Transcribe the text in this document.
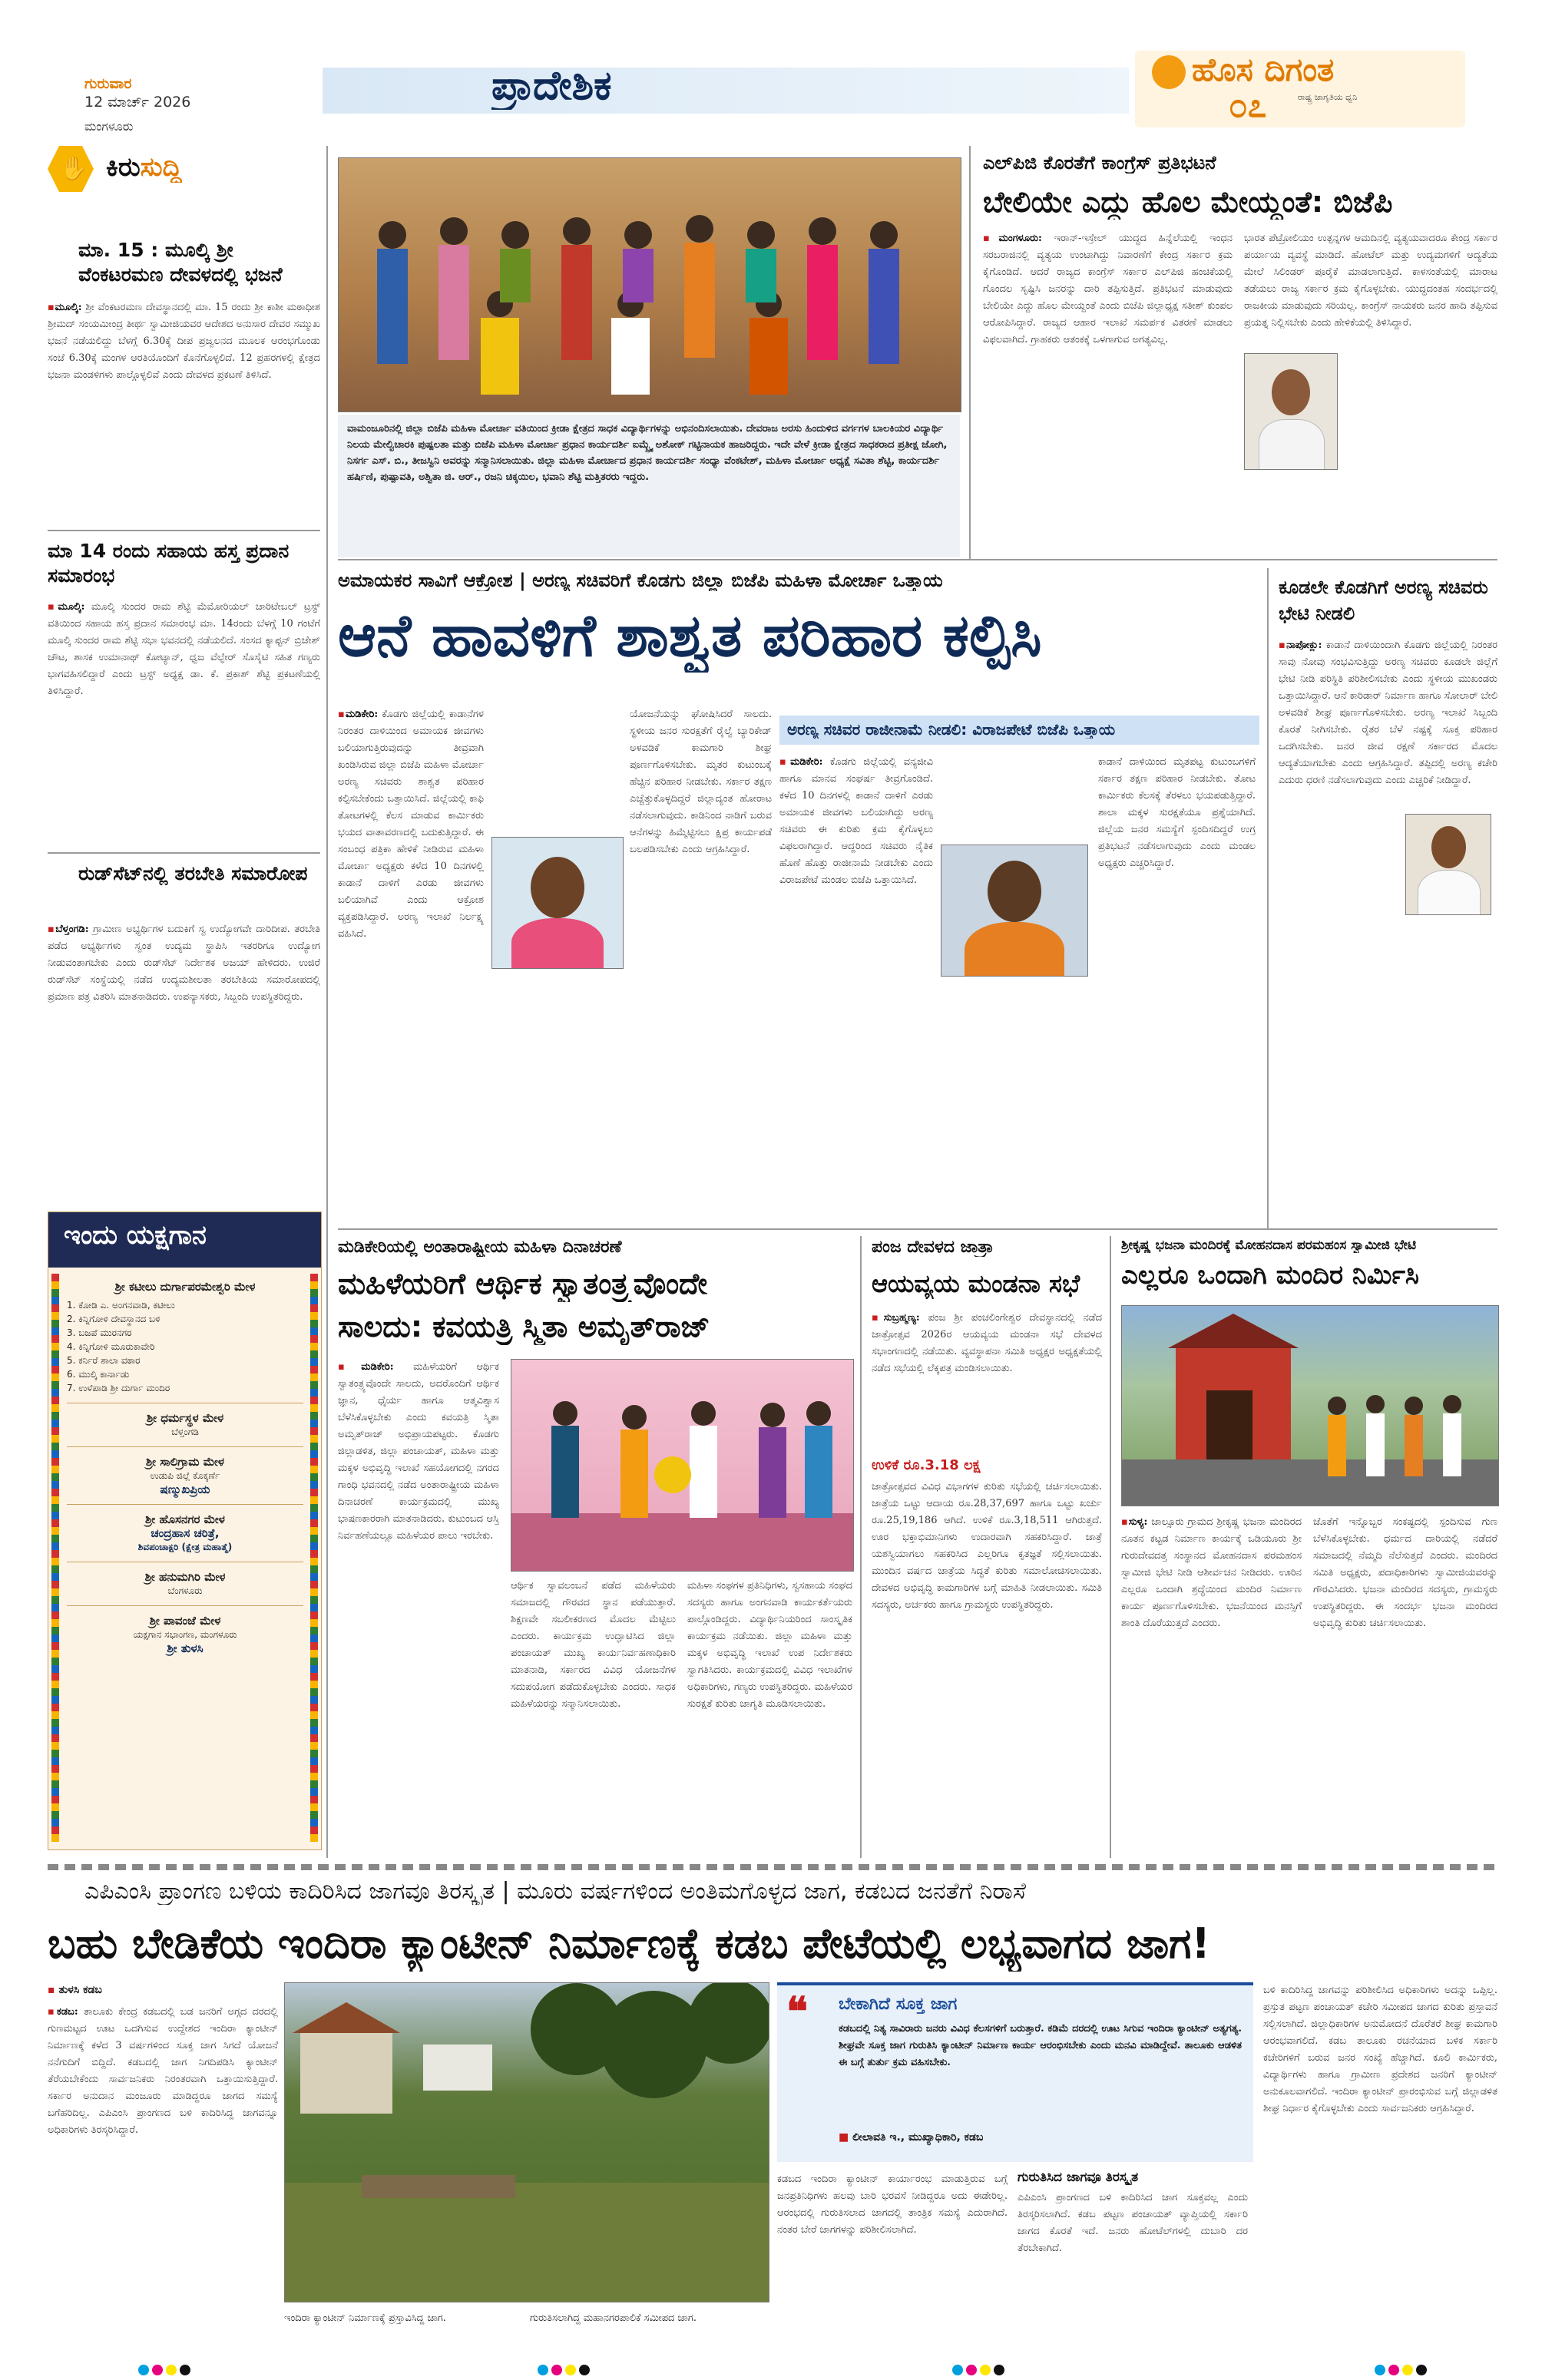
ಗುರುವಾರ
12 ಮಾರ್ಚ್ 2026
ಮಂಗಳೂರು
ಪ್ರಾದೇಶಿಕ	ಹೊಸ ದಿಗಂತ
ರಾಷ್ಟ್ರ ಜಾಗೃತಿಯ ಧ್ವನಿ
೦೭
✋ ಕಿರುಸುದ್ದಿ
ಮಾ. 15 : ಮೂಲ್ಕಿ ಶ್ರೀ ವೆಂಕಟರಮಣ ದೇವಳದಲ್ಲಿ ಭಜನೆ
▪ಮೂಲ್ಕಿ: ಶ್ರೀ ವೆಂಕಟರಮಣ ದೇವಸ್ಥಾನದಲ್ಲಿ ಮಾ. 15 ರಂದು ಶ್ರೀ ಕಾಶೀ ಮಠಾಧೀಶ ಶ್ರೀಮದ್ ಸಂಯಮೀಂದ್ರ ತೀರ್ಥ ಸ್ವಾಮೀಜಿಯವರ ಆದೇಶದ ಅನುಸಾರ ದೇವರ ಸಮ್ಮುಖ ಭಜನೆ ನಡೆಯಲಿದ್ದು ಬೆಳಗ್ಗೆ 6.30ಕ್ಕೆ ದೀಪ ಪ್ರಜ್ವಲನದ ಮೂಲಕ ಆರಂಭಗೊಂಡು ಸಂಜೆ 6.30ಕ್ಕೆ ಮಂಗಳ ಆರತಿಯೊಂದಿಗೆ ಕೊನೆಗೊಳ್ಳಲಿದೆ. 12 ಪ್ರಹರಗಳಲ್ಲಿ ಕ್ಷೇತ್ರದ ಭಜನಾ ಮಂಡಳಿಗಳು ಪಾಲ್ಗೊಳ್ಳಲಿವೆ ಎಂದು ದೇವಳದ ಪ್ರಕಟಣೆ ತಿಳಿಸಿದೆ.
ಮಾ 14 ರಂದು ಸಹಾಯ ಹಸ್ತ ಪ್ರದಾನ ಸಮಾರಂಭ
▪ಮೂಲ್ಕಿ: ಮೂಲ್ಕಿ ಸುಂದರ ರಾಮ ಶೆಟ್ಟಿ ಮೆಮೋರಿಯಲ್ ಚಾರಿಟೇಬಲ್ ಟ್ರಸ್ಟ್ ವತಿಯಿಂದ ಸಹಾಯ ಹಸ್ತ ಪ್ರದಾನ ಸಮಾರಂಭ ಮಾ. 14ರಂದು ಬೆಳಗ್ಗೆ 10 ಗಂಟೆಗೆ ಮೂಲ್ಕಿ ಸುಂದರ ರಾಮ ಶೆಟ್ಟಿ ಸಭಾ ಭವನದಲ್ಲಿ ನಡೆಯಲಿದೆ. ಸಂಸದ ಕ್ಯಾಪ್ಟನ್ ಬ್ರಿಜೇಶ್ ಚೌಟ, ಶಾಸಕ ಉಮಾನಾಥ್ ಕೋಟ್ಯಾನ್, ಧ್ವಜ ವೆಲ್ಫೇರ್ ಸೊಸೈಟಿ ಸಹಿತ ಗಣ್ಯರು ಭಾಗವಹಿಸಲಿದ್ದಾರೆ ಎಂದು ಟ್ರಸ್ಟ್ ಅಧ್ಯಕ್ಷ ಡಾ. ಕೆ. ಪ್ರಕಾಶ್ ಶೆಟ್ಟಿ ಪ್ರಕಟಣೆಯಲ್ಲಿ ತಿಳಿಸಿದ್ದಾರೆ.
ರುಡ್‌ಸೆಟ್‌ನಲ್ಲಿ ತರಬೇತಿ ಸಮಾರೋಪ
▪ಬೆಳ್ತಂಗಡಿ: ಗ್ರಾಮೀಣ ಅಭ್ಯರ್ಥಿಗಳ ಬದುಕಿಗೆ ಸ್ವ ಉದ್ಯೋಗವೇ ದಾರಿದೀಪ. ತರಬೇತಿ ಪಡೆದ ಅಭ್ಯರ್ಥಿಗಳು ಸ್ವಂತ ಉದ್ಯಮ ಸ್ಥಾಪಿಸಿ ಇತರರಿಗೂ ಉದ್ಯೋಗ ನೀಡುವಂತಾಗಬೇಕು ಎಂದು ರುಡ್‌ಸೆಟ್ ನಿರ್ದೇಶಕ ಅಜಯ್ ಹೇಳಿದರು. ಉಜಿರೆ ರುಡ್‌ಸೆಟ್ ಸಂಸ್ಥೆಯಲ್ಲಿ ನಡೆದ ಉದ್ಯಮಶೀಲತಾ ತರಬೇತಿಯ ಸಮಾರೋಪದಲ್ಲಿ ಪ್ರಮಾಣ ಪತ್ರ ವಿತರಿಸಿ ಮಾತನಾಡಿದರು. ಉಪನ್ಯಾಸಕರು, ಸಿಬ್ಬಂದಿ ಉಪಸ್ಥಿತರಿದ್ದರು.
ಇಂದು ಯಕ್ಷಗಾನ
ಶ್ರೀ ಕಟೀಲು ದುರ್ಗಾಪರಮೇಶ್ವರಿ ಮೇಳ
1. ಕೋಡಿ ಎ. ಅಂಗನವಾಡಿ, ಕಟೀಲು
2. ಕಿನ್ನಿಗೋಳಿ ದೇವಸ್ಥಾನದ ಬಳಿ
3. ಬಜಪೆ ಮುರನಗರ
4. ಕಿನ್ನಿಗೋಳಿ ಮೂರುಕಾವೇರಿ
5. ಕರ್ನಿರೆ ಶಾಲಾ ವಠಾರ
6. ಮುಲ್ಕಿ ಕಾರ್ನಾಡು
7. ಉಳೆಪಾಡಿ ಶ್ರೀ ದುರ್ಗಾ ಮಂದಿರ
ಶ್ರೀ ಧರ್ಮಸ್ಥಳ ಮೇಳ
ಬೆಳ್ತಂಗಡಿ
ಶ್ರೀ ಸಾಲಿಗ್ರಾಮ ಮೇಳ
ಉಡುಪಿ ಜಿಲ್ಲೆ ಕೊಕ್ಕರ್ಣೆ
ಷಣ್ಮುಖಪ್ರಿಯ
ಶ್ರೀ ಹೊಸನಗರ ಮೇಳ
ಚಂದ್ರಹಾಸ ಚರಿತ್ರೆ,
ಶಿವಪಂಚಾಕ್ಷರಿ (ಕ್ಷೇತ್ರ ಮಹಾತ್ಮೆ)
ಶ್ರೀ ಹನುಮಗಿರಿ ಮೇಳ
ಬೆಂಗಳೂರು
ಶ್ರೀ ಪಾವಂಜೆ ಮೇಳ
ಯಕ್ಷಗಾನ ಸಭಾಂಗಣ, ಮಂಗಳೂರು
ಶ್ರೀ ತುಳಸಿ
ವಾಮಂಜೂರಿನಲ್ಲಿ ಜಿಲ್ಲಾ ಬಿಜೆಪಿ ಮಹಿಳಾ ಮೋರ್ಚಾ ವತಿಯಿಂದ ಕ್ರೀಡಾ ಕ್ಷೇತ್ರದ ಸಾಧಕ ವಿದ್ಯಾರ್ಥಿಗಳನ್ನು ಅಭಿನಂದಿಸಲಾಯಿತು. ದೇವರಾಜ ಅರಸು ಹಿಂದುಳಿದ ವರ್ಗಗಳ ಬಾಲಕಿಯರ ವಿದ್ಯಾರ್ಥಿ ನಿಲಯ ಮೇಲ್ವಿಚಾರಕಿ ಪುಷ್ಪಲತಾ ಮತ್ತು ಬಿಜೆಪಿ ಮಹಿಳಾ ಮೋರ್ಚಾ ಪ್ರಧಾನ ಕಾರ್ಯದರ್ಶಿ ಐಮ್ಬ್ರ್ಯೆ ಅಶೋಕ್ ಗಟ್ಟಿನಾಯಕ ಹಾಜರಿದ್ದರು. ಇದೇ ವೇಳೆ ಕ್ರೀಡಾ ಕ್ಷೇತ್ರದ ಸಾಧಕರಾದ ಪ್ರತೀಕ್ಷ ಜೋಗಿ, ನಿಸರ್ಗ ಎಸ್. ಬಿ., ತೀಜಸ್ವಿನಿ ಅವರನ್ನು ಸನ್ಮಾನಿಸಲಾಯಿತು. ಜಿಲ್ಲಾ ಮಹಿಳಾ ಮೋರ್ಚಾದ ಪ್ರಧಾನ ಕಾರ್ಯದರ್ಶಿ ಸಂಧ್ಯಾ ವೆಂಕಟೇಶ್, ಮಹಿಳಾ ಮೋರ್ಚಾ ಅಧ್ಯಕ್ಷೆ ಸವಿತಾ ಶೆಟ್ಟಿ, ಕಾರ್ಯದರ್ಶಿ ಹರ್ಷಿಣಿ, ಪುಷ್ಪಾವತಿ, ಅಶ್ವಿತಾ ಜಿ. ಆರ್., ರಜನಿ ಚಿಕ್ಕಯಿಲ, ಭವಾನಿ ಶೆಟ್ಟಿ ಮತ್ತಿತರರು ಇದ್ದರು.
ಎಲ್‌ಪಿಜಿ ಕೊರತೆಗೆ ಕಾಂಗ್ರೆಸ್ ಪ್ರತಿಭಟನೆ
ಬೇಲಿಯೇ ಎದ್ದು ಹೊಲ ಮೇಯ್ದಂತೆ: ಬಿಜೆಪಿ
▪ಮಂಗಳೂರು: ಇರಾನ್-ಇಸ್ರೇಲ್ ಯುದ್ಧದ ಹಿನ್ನೆಲೆಯಲ್ಲಿ ಇಂಧನ ಸರಬರಾಜಿನಲ್ಲಿ ವ್ಯತ್ಯಯ ಉಂಟಾಗಿದ್ದು ನಿವಾರಣೆಗೆ ಕೇಂದ್ರ ಸರ್ಕಾರ ಕ್ರಮ ಕೈಗೊಂಡಿದೆ. ಆದರೆ ರಾಜ್ಯದ ಕಾಂಗ್ರೆಸ್ ಸರ್ಕಾರ ಎಲ್‌ಪಿಜಿ ಹಂಚಿಕೆಯಲ್ಲಿ ಗೊಂದಲ ಸೃಷ್ಟಿಸಿ ಜನರನ್ನು ದಾರಿ ತಪ್ಪಿಸುತ್ತಿದೆ. ಪ್ರತಿಭಟನೆ ಮಾಡುವುದು ಬೇಲಿಯೇ ಎದ್ದು ಹೊಲ ಮೇಯ್ದಂತೆ ಎಂದು ಬಿಜೆಪಿ ಜಿಲ್ಲಾಧ್ಯಕ್ಷ ಸತೀಶ್ ಕುಂಪಲ ಆರೋಪಿಸಿದ್ದಾರೆ. ರಾಜ್ಯದ ಆಹಾರ ಇಲಾಖೆ ಸಮರ್ಪಕ ವಿತರಣೆ ಮಾಡಲು ವಿಫಲವಾಗಿದೆ. ಗ್ರಾಹಕರು ಆತಂಕಕ್ಕೆ ಒಳಗಾಗುವ ಅಗತ್ಯವಿಲ್ಲ.
ಭಾರತ ಪೆಟ್ರೋಲಿಯಂ ಉತ್ಪನ್ನಗಳ ಆಮದಿನಲ್ಲಿ ವ್ಯತ್ಯಯವಾದರೂ ಕೇಂದ್ರ ಸರ್ಕಾರ ಪರ್ಯಾಯ ವ್ಯವಸ್ಥೆ ಮಾಡಿದೆ. ಹೋಟೆಲ್ ಮತ್ತು ಉದ್ಯಮಗಳಿಗೆ ಆದ್ಯತೆಯ ಮೇಲೆ ಸಿಲಿಂಡರ್ ಪೂರೈಕೆ ಮಾಡಲಾಗುತ್ತಿದೆ. ಕಾಳಸಂತೆಯಲ್ಲಿ ಮಾರಾಟ ತಡೆಯಲು ರಾಜ್ಯ ಸರ್ಕಾರ ಕ್ರಮ ಕೈಗೊಳ್ಳಬೇಕು. ಯುದ್ಧದಂತಹ ಸಂದರ್ಭದಲ್ಲಿ ರಾಜಕೀಯ ಮಾಡುವುದು ಸರಿಯಲ್ಲ. ಕಾಂಗ್ರೆಸ್ ನಾಯಕರು ಜನರ ಹಾದಿ ತಪ್ಪಿಸುವ ಪ್ರಯತ್ನ ನಿಲ್ಲಿಸಬೇಕು ಎಂದು ಹೇಳಿಕೆಯಲ್ಲಿ ತಿಳಿಸಿದ್ದಾರೆ.
ಅಮಾಯಕರ ಸಾವಿಗೆ ಆಕ್ರೋಶ | ಅರಣ್ಯ ಸಚಿವರಿಗೆ ಕೊಡಗು ಜಿಲ್ಲಾ ಬಿಜೆಪಿ ಮಹಿಳಾ ಮೋರ್ಚಾ ಒತ್ತಾಯ
ಆನೆ ಹಾವಳಿಗೆ ಶಾಶ್ವತ ಪರಿಹಾರ ಕಲ್ಪಿಸಿ
▪ಮಡಿಕೇರಿ: ಕೊಡಗು ಜಿಲ್ಲೆಯಲ್ಲಿ ಕಾಡಾನೆಗಳ ನಿರಂತರ ದಾಳಿಯಿಂದ ಅಮಾಯಕ ಜೀವಗಳು ಬಲಿಯಾಗುತ್ತಿರುವುದನ್ನು ತೀವ್ರವಾಗಿ ಖಂಡಿಸಿರುವ ಜಿಲ್ಲಾ ಬಿಜೆಪಿ ಮಹಿಳಾ ಮೋರ್ಚಾ ಅರಣ್ಯ ಸಚಿವರು ಶಾಶ್ವತ ಪರಿಹಾರ ಕಲ್ಪಿಸಬೇಕೆಂದು ಒತ್ತಾಯಿಸಿದೆ. ಜಿಲ್ಲೆಯಲ್ಲಿ ಕಾಫಿ ತೋಟಗಳಲ್ಲಿ ಕೆಲಸ ಮಾಡುವ ಕಾರ್ಮಿಕರು ಭಯದ ವಾತಾವರಣದಲ್ಲಿ ಬದುಕುತ್ತಿದ್ದಾರೆ. ಈ ಸಂಬಂಧ ಪತ್ರಿಕಾ ಹೇಳಿಕೆ ನೀಡಿರುವ ಮಹಿಳಾ ಮೋರ್ಚಾ ಅಧ್ಯಕ್ಷರು ಕಳೆದ 10 ದಿನಗಳಲ್ಲಿ ಕಾಡಾನೆ ದಾಳಿಗೆ ಎರಡು ಜೀವಗಳು ಬಲಿಯಾಗಿವೆ ಎಂದು ಆಕ್ರೋಶ ವ್ಯಕ್ತಪಡಿಸಿದ್ದಾರೆ. ಅರಣ್ಯ ಇಲಾಖೆ ನಿರ್ಲಕ್ಷ್ಯ ವಹಿಸಿದೆ.
ಯೋಜನೆಯನ್ನು ಘೋಷಿಸಿದರೆ ಸಾಲದು. ಸ್ಥಳೀಯ ಜನರ ಸುರಕ್ಷತೆಗೆ ರೈಲ್ವೆ ಬ್ಯಾರಿಕೇಡ್ ಅಳವಡಿಕೆ ಕಾಮಗಾರಿ ಶೀಘ್ರ ಪೂರ್ಣಗೊಳಿಸಬೇಕು. ಮೃತರ ಕುಟುಂಬಕ್ಕೆ ಹೆಚ್ಚಿನ ಪರಿಹಾರ ನೀಡಬೇಕು. ಸರ್ಕಾರ ತಕ್ಷಣ ಎಚ್ಚೆತ್ತುಕೊಳ್ಳದಿದ್ದರೆ ಜಿಲ್ಲಾದ್ಯಂತ ಹೋರಾಟ ನಡೆಸಲಾಗುವುದು. ಕಾಡಿನಿಂದ ನಾಡಿಗೆ ಬರುವ ಆನೆಗಳನ್ನು ಹಿಮ್ಮೆಟ್ಟಿಸಲು ಕ್ಷಿಪ್ರ ಕಾರ್ಯಪಡೆ ಬಲಪಡಿಸಬೇಕು ಎಂದು ಆಗ್ರಹಿಸಿದ್ದಾರೆ.
ಅರಣ್ಯ ಸಚಿವರ ರಾಜೀನಾಮೆ ನೀಡಲಿ: ವಿರಾಜಪೇಟೆ ಬಿಜೆಪಿ ಒತ್ತಾಯ
▪ಮಡಿಕೇರಿ: ಕೊಡಗು ಜಿಲ್ಲೆಯಲ್ಲಿ ವನ್ಯಜೀವಿ ಹಾಗೂ ಮಾನವ ಸಂಘರ್ಷ ತೀವ್ರಗೊಂಡಿದೆ. ಕಳೆದ 10 ದಿನಗಳಲ್ಲಿ ಕಾಡಾನೆ ದಾಳಿಗೆ ಎರಡು ಅಮಾಯಕ ಜೀವಗಳು ಬಲಿಯಾಗಿದ್ದು ಅರಣ್ಯ ಸಚಿವರು ಈ ಕುರಿತು ಕ್ರಮ ಕೈಗೊಳ್ಳಲು ವಿಫಲರಾಗಿದ್ದಾರೆ. ಆದ್ದರಿಂದ ಸಚಿವರು ನೈತಿಕ ಹೊಣೆ ಹೊತ್ತು ರಾಜೀನಾಮೆ ನೀಡಬೇಕು ಎಂದು ವಿರಾಜಪೇಟೆ ಮಂಡಲ ಬಿಜೆಪಿ ಒತ್ತಾಯಿಸಿದೆ.
ಕಾಡಾನೆ ದಾಳಿಯಿಂದ ಮೃತಪಟ್ಟ ಕುಟುಂಬಗಳಿಗೆ ಸರ್ಕಾರ ತಕ್ಷಣ ಪರಿಹಾರ ನೀಡಬೇಕು. ತೋಟ ಕಾರ್ಮಿಕರು ಕೆಲಸಕ್ಕೆ ತೆರಳಲು ಭಯಪಡುತ್ತಿದ್ದಾರೆ. ಶಾಲಾ ಮಕ್ಕಳ ಸುರಕ್ಷತೆಯೂ ಪ್ರಶ್ನೆಯಾಗಿದೆ. ಜಿಲ್ಲೆಯ ಜನರ ಸಮಸ್ಯೆಗೆ ಸ್ಪಂದಿಸದಿದ್ದರೆ ಉಗ್ರ ಪ್ರತಿಭಟನೆ ನಡೆಸಲಾಗುವುದು ಎಂದು ಮಂಡಲ ಅಧ್ಯಕ್ಷರು ಎಚ್ಚರಿಸಿದ್ದಾರೆ.
ಕೂಡಲೇ ಕೊಡಗಿಗೆ ಅರಣ್ಯ ಸಚಿವರು ಭೇಟಿ ನೀಡಲಿ
▪ನಾಪೋಕ್ಲು: ಕಾಡಾನೆ ದಾಳಿಯಿಂದಾಗಿ ಕೊಡಗು ಜಿಲ್ಲೆಯಲ್ಲಿ ನಿರಂತರ ಸಾವು ನೋವು ಸಂಭವಿಸುತ್ತಿದ್ದು ಅರಣ್ಯ ಸಚಿವರು ಕೂಡಲೇ ಜಿಲ್ಲೆಗೆ ಭೇಟಿ ನೀಡಿ ಪರಿಸ್ಥಿತಿ ಪರಿಶೀಲಿಸಬೇಕು ಎಂದು ಸ್ಥಳೀಯ ಮುಖಂಡರು ಒತ್ತಾಯಿಸಿದ್ದಾರೆ. ಆನೆ ಕಾರಿಡಾರ್ ನಿರ್ಮಾಣ ಹಾಗೂ ಸೋಲಾರ್ ಬೇಲಿ ಅಳವಡಿಕೆ ಶೀಘ್ರ ಪೂರ್ಣಗೊಳಿಸಬೇಕು. ಅರಣ್ಯ ಇಲಾಖೆ ಸಿಬ್ಬಂದಿ ಕೊರತೆ ನೀಗಿಸಬೇಕು. ರೈತರ ಬೆಳೆ ನಷ್ಟಕ್ಕೆ ಸೂಕ್ತ ಪರಿಹಾರ ಒದಗಿಸಬೇಕು. ಜನರ ಜೀವ ರಕ್ಷಣೆ ಸರ್ಕಾರದ ಮೊದಲ ಆದ್ಯತೆಯಾಗಬೇಕು ಎಂದು ಆಗ್ರಹಿಸಿದ್ದಾರೆ. ತಪ್ಪಿದಲ್ಲಿ ಅರಣ್ಯ ಕಚೇರಿ ಎದುರು ಧರಣಿ ನಡೆಸಲಾಗುವುದು ಎಂದು ಎಚ್ಚರಿಕೆ ನೀಡಿದ್ದಾರೆ.
ಮಡಿಕೇರಿಯಲ್ಲಿ ಅಂತಾರಾಷ್ಟ್ರೀಯ ಮಹಿಳಾ ದಿನಾಚರಣೆ
ಮಹಿಳೆಯರಿಗೆ ಆರ್ಥಿಕ ಸ್ವಾತಂತ್ರ್ಯವೊಂದೇ
ಸಾಲದು: ಕವಯತ್ರಿ ಸ್ಮಿತಾ ಅಮೃತ್‌ರಾಜ್
▪ಮಡಿಕೇರಿ: ಮಹಿಳೆಯರಿಗೆ ಆರ್ಥಿಕ ಸ್ವಾತಂತ್ರ್ಯವೊಂದೇ ಸಾಲದು, ಅದರೊಂದಿಗೆ ಆರ್ಥಿಕ ಜ್ಞಾನ, ಧೈರ್ಯ ಹಾಗೂ ಆತ್ಮವಿಶ್ವಾಸ ಬೆಳೆಸಿಕೊಳ್ಳಬೇಕು ಎಂದು ಕವಯತ್ರಿ ಸ್ಮಿತಾ ಅಮೃತ್‌ರಾಜ್ ಅಭಿಪ್ರಾಯಪಟ್ಟರು. ಕೊಡಗು ಜಿಲ್ಲಾಡಳಿತ, ಜಿಲ್ಲಾ ಪಂಚಾಯತ್, ಮಹಿಳಾ ಮತ್ತು ಮಕ್ಕಳ ಅಭಿವೃದ್ಧಿ ಇಲಾಖೆ ಸಹಯೋಗದಲ್ಲಿ ನಗರದ ಗಾಂಧಿ ಭವನದಲ್ಲಿ ನಡೆದ ಅಂತಾರಾಷ್ಟ್ರೀಯ ಮಹಿಳಾ ದಿನಾಚರಣೆ ಕಾರ್ಯಕ್ರಮದಲ್ಲಿ ಮುಖ್ಯ ಭಾಷಣಕಾರರಾಗಿ ಮಾತನಾಡಿದರು. ಕುಟುಂಬದ ಆಸ್ತಿ ನಿರ್ವಹಣೆಯಲ್ಲೂ ಮಹಿಳೆಯರ ಪಾಲು ಇರಬೇಕು.
ಆರ್ಥಿಕ ಸ್ವಾವಲಂಬನೆ ಪಡೆದ ಮಹಿಳೆಯರು ಸಮಾಜದಲ್ಲಿ ಗೌರವದ ಸ್ಥಾನ ಪಡೆಯುತ್ತಾರೆ. ಶಿಕ್ಷಣವೇ ಸಬಲೀಕರಣದ ಮೊದಲ ಮೆಟ್ಟಿಲು ಎಂದರು. ಕಾರ್ಯಕ್ರಮ ಉದ್ಘಾಟಿಸಿದ ಜಿಲ್ಲಾ ಪಂಚಾಯತ್ ಮುಖ್ಯ ಕಾರ್ಯನಿರ್ವಹಣಾಧಿಕಾರಿ ಮಾತನಾಡಿ, ಸರ್ಕಾರದ ವಿವಿಧ ಯೋಜನೆಗಳ ಸದುಪಯೋಗ ಪಡೆದುಕೊಳ್ಳಬೇಕು ಎಂದರು. ಸಾಧಕ ಮಹಿಳೆಯರನ್ನು ಸನ್ಮಾನಿಸಲಾಯಿತು.
ಮಹಿಳಾ ಸಂಘಗಳ ಪ್ರತಿನಿಧಿಗಳು, ಸ್ವಸಹಾಯ ಸಂಘದ ಸದಸ್ಯರು ಹಾಗೂ ಅಂಗನವಾಡಿ ಕಾರ್ಯಕರ್ತೆಯರು ಪಾಲ್ಗೊಂಡಿದ್ದರು. ವಿದ್ಯಾರ್ಥಿನಿಯರಿಂದ ಸಾಂಸ್ಕೃತಿಕ ಕಾರ್ಯಕ್ರಮ ನಡೆಯಿತು. ಜಿಲ್ಲಾ ಮಹಿಳಾ ಮತ್ತು ಮಕ್ಕಳ ಅಭಿವೃದ್ಧಿ ಇಲಾಖೆ ಉಪ ನಿರ್ದೇಶಕರು ಸ್ವಾಗತಿಸಿದರು. ಕಾರ್ಯಕ್ರಮದಲ್ಲಿ ವಿವಿಧ ಇಲಾಖೆಗಳ ಅಧಿಕಾರಿಗಳು, ಗಣ್ಯರು ಉಪಸ್ಥಿತರಿದ್ದರು. ಮಹಿಳೆಯರ ಸುರಕ್ಷತೆ ಕುರಿತು ಜಾಗೃತಿ ಮೂಡಿಸಲಾಯಿತು.
ಪಂಜ ದೇವಳದ ಜಾತ್ರಾ
ಆಯವ್ಯಯ ಮಂಡನಾ ಸಭೆ
▪ಸುಬ್ರಹ್ಮಣ್ಯ: ಪಂಜ ಶ್ರೀ ಪಂಚಲಿಂಗೇಶ್ವರ ದೇವಸ್ಥಾನದಲ್ಲಿ ನಡೆದ ಜಾತ್ರೋತ್ಸವ 2026ರ ಆಯವ್ಯಯ ಮಂಡನಾ ಸಭೆ ದೇವಳದ ಸಭಾಂಗಣದಲ್ಲಿ ನಡೆಯಿತು. ವ್ಯವಸ್ಥಾಪನಾ ಸಮಿತಿ ಅಧ್ಯಕ್ಷರ ಅಧ್ಯಕ್ಷತೆಯಲ್ಲಿ ನಡೆದ ಸಭೆಯಲ್ಲಿ ಲೆಕ್ಕಪತ್ರ ಮಂಡಿಸಲಾಯಿತು.
ಉಳಿಕೆ ರೂ.3.18 ಲಕ್ಷ
ಜಾತ್ರೋತ್ಸವದ ವಿವಿಧ ವಿಭಾಗಗಳ ಕುರಿತು ಸಭೆಯಲ್ಲಿ ಚರ್ಚಿಸಲಾಯಿತು. ಜಾತ್ರೆಯ ಒಟ್ಟು ಆದಾಯ ರೂ.28,37,697 ಹಾಗೂ ಒಟ್ಟು ಖರ್ಚು ರೂ.25,19,186 ಆಗಿದೆ. ಉಳಿಕೆ ರೂ.3,18,511 ಆಗಿರುತ್ತದೆ. ಊರ ಭಕ್ತಾಭಿಮಾನಿಗಳು ಉದಾರವಾಗಿ ಸಹಕರಿಸಿದ್ದಾರೆ. ಜಾತ್ರೆ ಯಶಸ್ವಿಯಾಗಲು ಸಹಕರಿಸಿದ ಎಲ್ಲರಿಗೂ ಕೃತಜ್ಞತೆ ಸಲ್ಲಿಸಲಾಯಿತು. ಮುಂದಿನ ವರ್ಷದ ಜಾತ್ರೆಯ ಸಿದ್ಧತೆ ಕುರಿತು ಸಮಾಲೋಚಿಸಲಾಯಿತು. ದೇವಳದ ಅಭಿವೃದ್ಧಿ ಕಾಮಗಾರಿಗಳ ಬಗ್ಗೆ ಮಾಹಿತಿ ನೀಡಲಾಯಿತು. ಸಮಿತಿ ಸದಸ್ಯರು, ಅರ್ಚಕರು ಹಾಗೂ ಗ್ರಾಮಸ್ಥರು ಉಪಸ್ಥಿತರಿದ್ದರು.
ಶ್ರೀಕೃಷ್ಣ ಭಜನಾ ಮಂದಿರಕ್ಕೆ ಮೋಹನದಾಸ ಪರಮಹಂಸ ಸ್ವಾಮೀಜಿ ಭೇಟಿ
ಎಲ್ಲರೂ ಒಂದಾಗಿ ಮಂದಿರ ನಿರ್ಮಿಸಿ
▪ಸುಳ್ಯ: ಜಾಲ್ಸೂರು ಗ್ರಾಮದ ಶ್ರೀಕೃಷ್ಣ ಭಜನಾ ಮಂದಿರದ ನೂತನ ಕಟ್ಟಡ ನಿರ್ಮಾಣ ಕಾರ್ಯಕ್ಕೆ ಒಡಿಯೂರು ಶ್ರೀ ಗುರುದೇವದತ್ತ ಸಂಸ್ಥಾನದ ಮೋಹನದಾಸ ಪರಮಹಂಸ ಸ್ವಾಮೀಜಿ ಭೇಟಿ ನೀಡಿ ಆಶೀರ್ವಚನ ನೀಡಿದರು. ಊರಿನ ಎಲ್ಲರೂ ಒಂದಾಗಿ ಶ್ರದ್ಧೆಯಿಂದ ಮಂದಿರ ನಿರ್ಮಾಣ ಕಾರ್ಯ ಪೂರ್ಣಗೊಳಿಸಬೇಕು. ಭಜನೆಯಿಂದ ಮನಸ್ಸಿಗೆ ಶಾಂತಿ ದೊರೆಯುತ್ತದೆ ಎಂದರು.
ಜೊತೆಗೆ ಇನ್ನೊಬ್ಬರ ಸಂಕಷ್ಟದಲ್ಲಿ ಸ್ಪಂದಿಸುವ ಗುಣ ಬೆಳೆಸಿಕೊಳ್ಳಬೇಕು. ಧರ್ಮದ ದಾರಿಯಲ್ಲಿ ನಡೆದರೆ ಸಮಾಜದಲ್ಲಿ ನೆಮ್ಮದಿ ನೆಲೆಸುತ್ತದೆ ಎಂದರು. ಮಂದಿರದ ಸಮಿತಿ ಅಧ್ಯಕ್ಷರು, ಪದಾಧಿಕಾರಿಗಳು ಸ್ವಾಮೀಜಿಯವರನ್ನು ಗೌರವಿಸಿದರು. ಭಜನಾ ಮಂದಿರದ ಸದಸ್ಯರು, ಗ್ರಾಮಸ್ಥರು ಉಪಸ್ಥಿತರಿದ್ದರು. ಈ ಸಂದರ್ಭ ಭಜನಾ ಮಂದಿರದ ಅಭಿವೃದ್ಧಿ ಕುರಿತು ಚರ್ಚಿಸಲಾಯಿತು.
ಎಪಿಎಂಸಿ ಪ್ರಾಂಗಣ ಬಳಿಯ ಕಾದಿರಿಸಿದ ಜಾಗವೂ ತಿರಸ್ಕೃತ | ಮೂರು ವರ್ಷಗಳಿಂದ ಅಂತಿಮಗೊಳ್ಳದ ಜಾಗ, ಕಡಬದ ಜನತೆಗೆ ನಿರಾಸೆ
ಬಹು ಬೇಡಿಕೆಯ ಇಂದಿರಾ ಕ್ಯಾಂಟೀನ್ ನಿರ್ಮಾಣಕ್ಕೆ ಕಡಬ ಪೇಟೆಯಲ್ಲಿ ಲಭ್ಯವಾಗದ ಜಾಗ!
▪ ತುಳಸಿ ಕಡಬ
▪ಕಡಬ: ತಾಲೂಕು ಕೇಂದ್ರ ಕಡಬದಲ್ಲಿ ಬಡ ಜನರಿಗೆ ಅಗ್ಗದ ದರದಲ್ಲಿ ಗುಣಮಟ್ಟದ ಊಟ ಒದಗಿಸುವ ಉದ್ದೇಶದ ಇಂದಿರಾ ಕ್ಯಾಂಟೀನ್ ನಿರ್ಮಾಣಕ್ಕೆ ಕಳೆದ 3 ವರ್ಷಗಳಿಂದ ಸೂಕ್ತ ಜಾಗ ಸಿಗದೆ ಯೋಜನೆ ನನೆಗುದಿಗೆ ಬಿದ್ದಿದೆ. ಕಡಬದಲ್ಲಿ ಜಾಗ ನಿಗದಿಪಡಿಸಿ ಕ್ಯಾಂಟೀನ್ ತೆರೆಯಬೇಕೆಂದು ಸಾರ್ವಜನಿಕರು ನಿರಂತರವಾಗಿ ಒತ್ತಾಯಿಸುತ್ತಿದ್ದಾರೆ. ಸರ್ಕಾರ ಅನುದಾನ ಮಂಜೂರು ಮಾಡಿದ್ದರೂ ಜಾಗದ ಸಮಸ್ಯೆ ಬಗೆಹರಿದಿಲ್ಲ. ಎಪಿಎಂಸಿ ಪ್ರಾಂಗಣದ ಬಳಿ ಕಾದಿರಿಸಿದ್ದ ಜಾಗವನ್ನೂ ಅಧಿಕಾರಿಗಳು ತಿರಸ್ಕರಿಸಿದ್ದಾರೆ.
❝ ಬೇಕಾಗಿದೆ ಸೂಕ್ತ ಜಾಗ
ಕಡಬದಲ್ಲಿ ನಿತ್ಯ ಸಾವಿರಾರು ಜನರು ವಿವಿಧ ಕೆಲಸಗಳಿಗೆ ಬರುತ್ತಾರೆ. ಕಡಿಮೆ ದರದಲ್ಲಿ ಊಟ ಸಿಗುವ ಇಂದಿರಾ ಕ್ಯಾಂಟೀನ್ ಅತ್ಯಗತ್ಯ. ಶೀಘ್ರವೇ ಸೂಕ್ತ ಜಾಗ ಗುರುತಿಸಿ ಕ್ಯಾಂಟೀನ್ ನಿರ್ಮಾಣ ಕಾರ್ಯ ಆರಂಭಿಸಬೇಕು ಎಂದು ಮನವಿ ಮಾಡಿದ್ದೇವೆ. ತಾಲೂಕು ಆಡಳಿತ ಈ ಬಗ್ಗೆ ತುರ್ತು ಕ್ರಮ ವಹಿಸಬೇಕು.
■ ಲೀಲಾವತಿ ಇ., ಮುಖ್ಯಾಧಿಕಾರಿ, ಕಡಬ
ಕಡಬದ ಇಂದಿರಾ ಕ್ಯಾಂಟೀನ್ ಕಾರ್ಯಾರಂಭ ಮಾಡುತ್ತಿರುವ ಬಗ್ಗೆ ಜನಪ್ರತಿನಿಧಿಗಳು ಹಲವು ಬಾರಿ ಭರವಸೆ ನೀಡಿದ್ದರೂ ಅದು ಈಡೇರಿಲ್ಲ. ಆರಂಭದಲ್ಲಿ ಗುರುತಿಸಲಾದ ಜಾಗದಲ್ಲಿ ತಾಂತ್ರಿಕ ಸಮಸ್ಯೆ ಎದುರಾಗಿದೆ. ನಂತರ ಬೇರೆ ಜಾಗಗಳನ್ನು ಪರಿಶೀಲಿಸಲಾಗಿದೆ.
ಗುರುತಿಸಿದ ಜಾಗವೂ ತಿರಸ್ಕೃತ
ಎಪಿಎಂಸಿ ಪ್ರಾಂಗಣದ ಬಳಿ ಕಾದಿರಿಸಿದ ಜಾಗ ಸೂಕ್ತವಲ್ಲ ಎಂದು ತಿರಸ್ಕರಿಸಲಾಗಿದೆ. ಕಡಬ ಪಟ್ಟಣ ಪಂಚಾಯತ್ ವ್ಯಾಪ್ತಿಯಲ್ಲಿ ಸರ್ಕಾರಿ ಜಾಗದ ಕೊರತೆ ಇದೆ. ಜನರು ಹೋಟೆಲ್‌ಗಳಲ್ಲಿ ದುಬಾರಿ ದರ ತೆರಬೇಕಾಗಿದೆ.
ಬಳಿ ಕಾದಿರಿಸಿದ್ದ ಜಾಗವನ್ನು ಪರಿಶೀಲಿಸಿದ ಅಧಿಕಾರಿಗಳು ಅದನ್ನು ಒಪ್ಪಿಲ್ಲ. ಪ್ರಸ್ತುತ ಪಟ್ಟಣ ಪಂಚಾಯತ್ ಕಚೇರಿ ಸಮೀಪದ ಜಾಗದ ಕುರಿತು ಪ್ರಸ್ತಾವನೆ ಸಲ್ಲಿಸಲಾಗಿದೆ. ಜಿಲ್ಲಾಧಿಕಾರಿಗಳ ಅನುಮೋದನೆ ದೊರೆತರೆ ಶೀಘ್ರ ಕಾಮಗಾರಿ ಆರಂಭವಾಗಲಿದೆ. ಕಡಬ ತಾಲೂಕು ರಚನೆಯಾದ ಬಳಿಕ ಸರ್ಕಾರಿ ಕಚೇರಿಗಳಿಗೆ ಬರುವ ಜನರ ಸಂಖ್ಯೆ ಹೆಚ್ಚಾಗಿದೆ. ಕೂಲಿ ಕಾರ್ಮಿಕರು, ವಿದ್ಯಾರ್ಥಿಗಳು ಹಾಗೂ ಗ್ರಾಮೀಣ ಪ್ರದೇಶದ ಜನರಿಗೆ ಕ್ಯಾಂಟೀನ್ ಅನುಕೂಲವಾಗಲಿದೆ. ಇಂದಿರಾ ಕ್ಯಾಂಟೀನ್ ಪ್ರಾರಂಭಿಸುವ ಬಗ್ಗೆ ಜಿಲ್ಲಾಡಳಿತ ಶೀಘ್ರ ನಿರ್ಧಾರ ಕೈಗೊಳ್ಳಬೇಕು ಎಂದು ಸಾರ್ವಜನಿಕರು ಆಗ್ರಹಿಸಿದ್ದಾರೆ.
ಇಂದಿರಾ ಕ್ಯಾಂಟೀನ್ ನಿರ್ಮಾಣಕ್ಕೆ ಪ್ರಸ್ತಾವಿಸಿದ್ದ ಜಾಗ.	ಗುರುತಿಸಲಾಗಿದ್ದ ಮಹಾನಗರಪಾಲಿಕೆ ಸಮೀಪದ ಜಾಗ.
